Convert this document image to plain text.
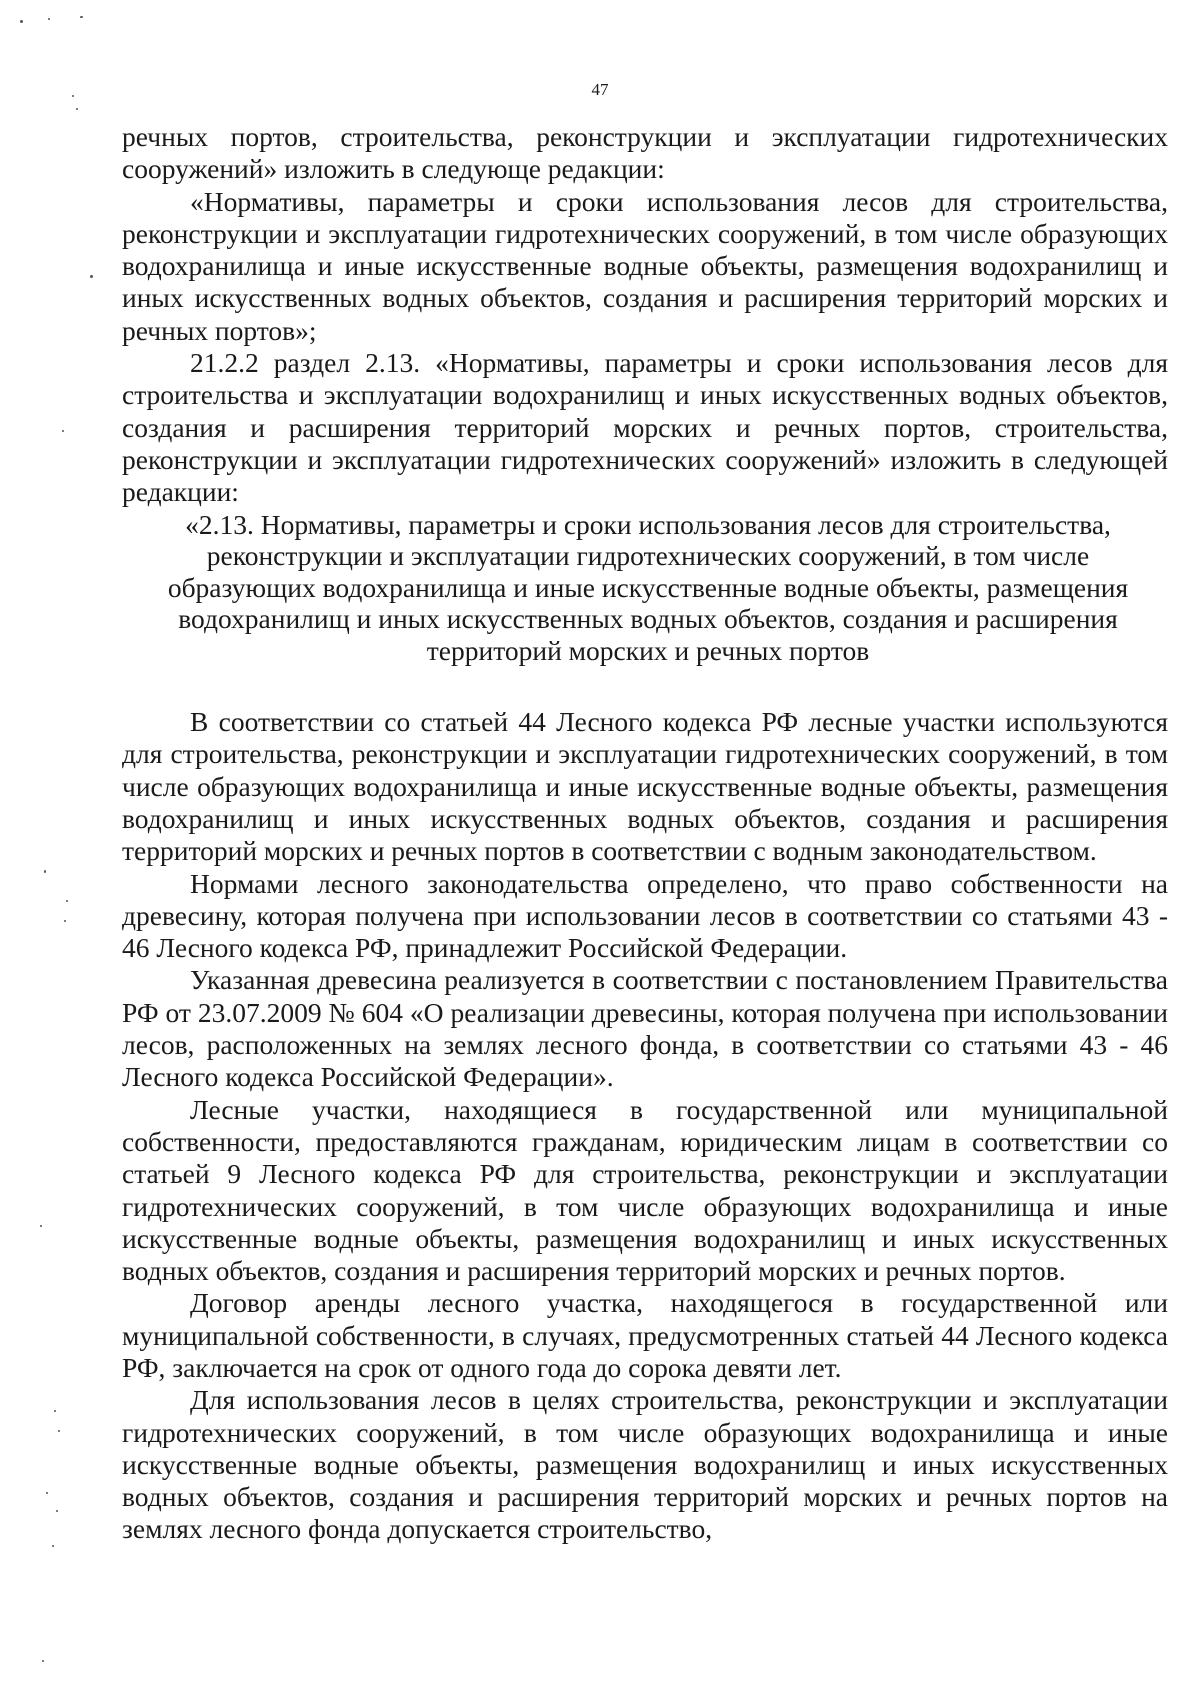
47

речных портов, строительства, реконструкции и эксплуатации гидротехнических сооружений» изложить в следующе редакции:

«Нормативы, параметры и сроки использования лесов для строительства, реконструкции и эксплуатации гидротехнических сооружений, в том числе образующих водохранилища и иные искусственные водные объекты, размещения водохранилищ и иных искусственных водных объектов, создания и расширения территорий морских и речных портов»;

21.2.2 раздел 2.13. «Нормативы, параметры и сроки использования лесов для строительства и эксплуатации водохранилищ и иных искусственных водных объектов, создания и расширения территорий морских и речных портов, строительства, реконструкции и эксплуатации гидротехнических сооружений» изложить в следующей редакции:

«2.13. Нормативы, параметры и сроки использования лесов для строительства, реконструкции и эксплуатации гидротехнических сооружений, в том числе образующих водохранилища и иные искусственные водные объекты, размещения водохранилищ и иных искусственных водных объектов, создания и расширения территорий морских и речных портов

В соответствии со статьей 44 Лесного кодекса РФ лесные участки используются для строительства, реконструкции и эксплуатации гидротехнических сооружений, в том числе образующих водохранилища и иные искусственные водные объекты, размещения водохранилищ и иных искусственных водных объектов, создания и расширения территорий морских и речных портов в соответствии с водным законодательством.

Нормами лесного законодательства определено, что право собственности на древесину, которая получена при использовании лесов в соответствии со статьями 43 - 46 Лесного кодекса РФ, принадлежит Российской Федерации.

Указанная древесина реализуется в соответствии с постановлением Правительства РФ от 23.07.2009 № 604 «О реализации древесины, которая получена при использовании лесов, расположенных на землях лесного фонда, в соответствии со статьями 43 - 46 Лесного кодекса Российской Федерации».

Лесные участки, находящиеся в государственной или муниципальной собственности, предоставляются гражданам, юридическим лицам в соответствии со статьей 9 Лесного кодекса РФ для строительства, реконструкции и эксплуатации гидротехнических сооружений, в том числе образующих водохранилища и иные искусственные водные объекты, размещения водохранилищ и иных искусственных водных объектов, создания и расширения территорий морских и речных портов.

Договор аренды лесного участка, находящегося в государственной или муниципальной собственности, в случаях, предусмотренных статьей 44 Лесного кодекса РФ, заключается на срок от одного года до сорока девяти лет.

Для использования лесов в целях строительства, реконструкции и эксплуатации гидротехнических сооружений, в том числе образующих водохранилища и иные искусственные водные объекты, размещения водохранилищ и иных искусственных водных объектов, создания и расширения территорий морских и речных портов на землях лесного фонда допускается строительство,
